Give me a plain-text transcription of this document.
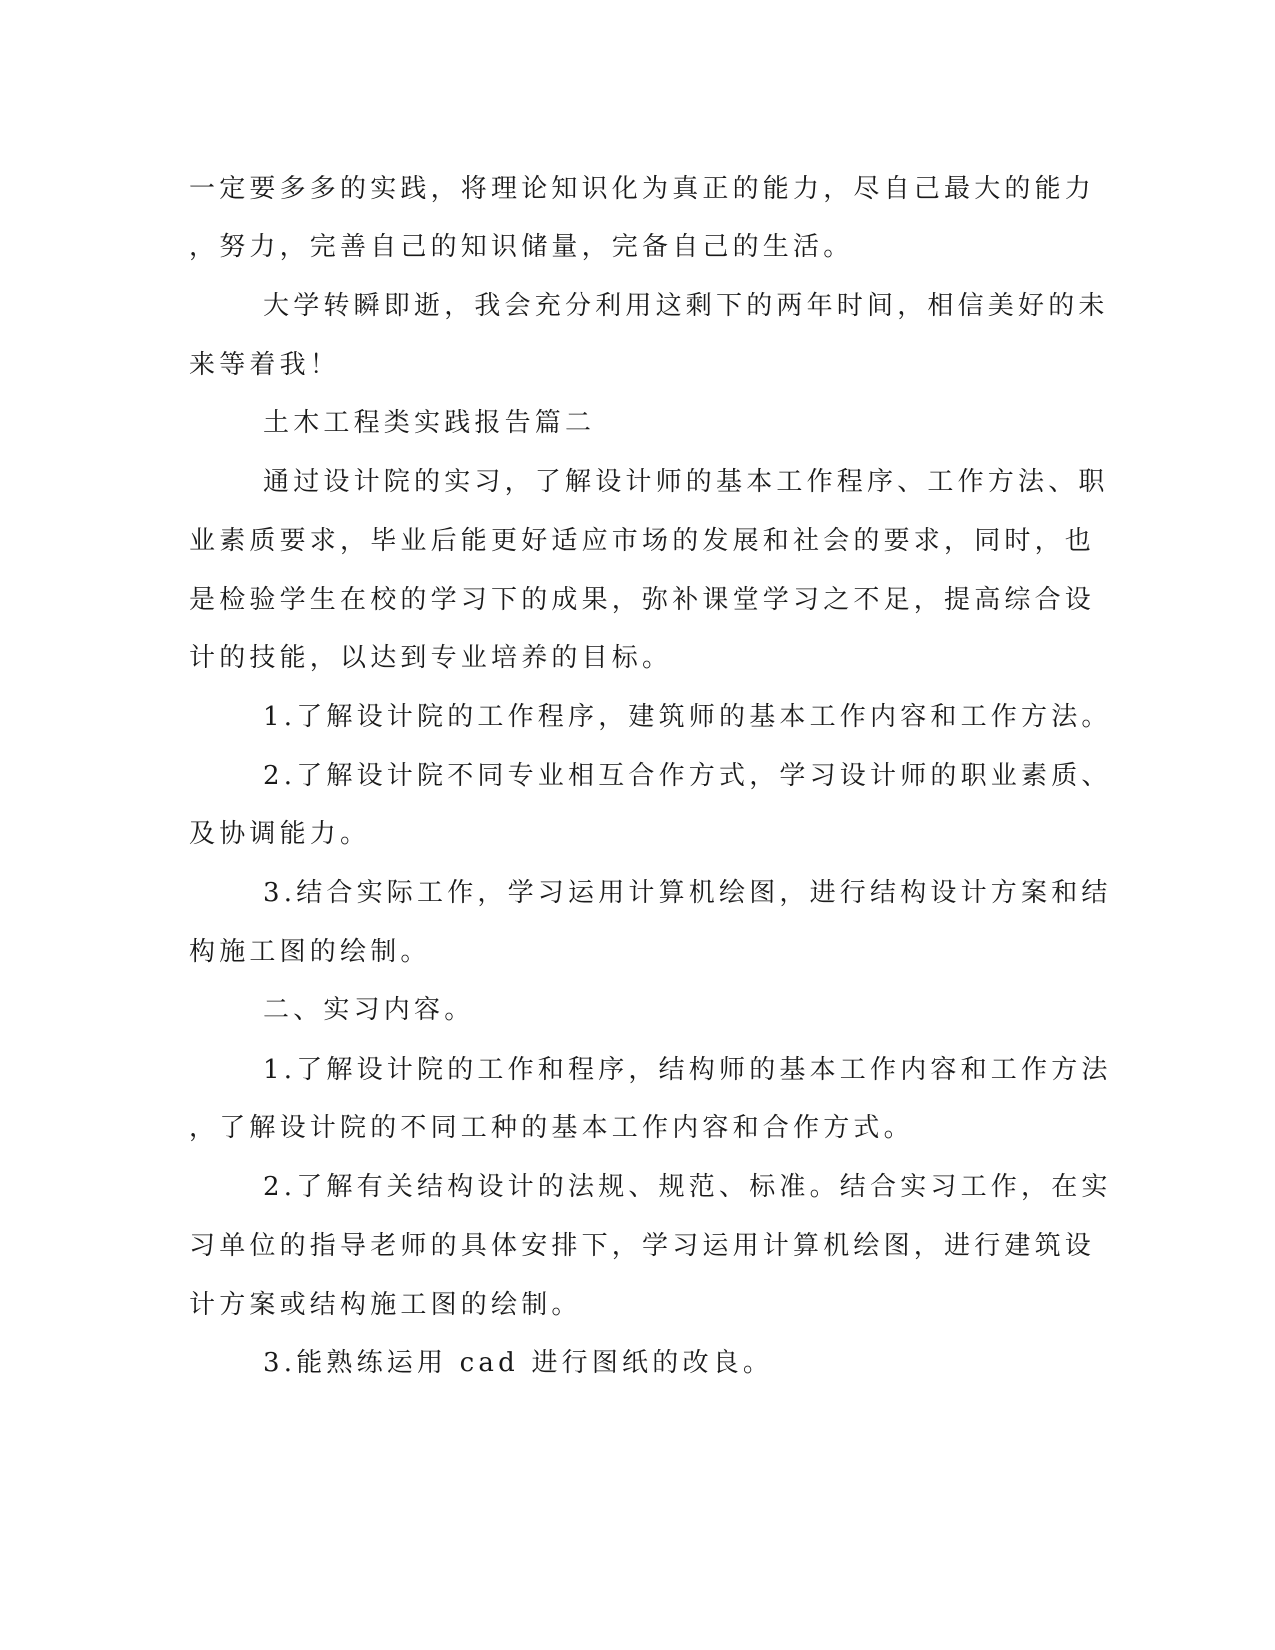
一定要多多的实践，将理论知识化为真正的能力，尽自己最大的能力

，努力，完善自己的知识储量，完备自己的生活。

大学转瞬即逝，我会充分利用这剩下的两年时间，相信美好的未

来等着我！

土木工程类实践报告篇二

通过设计院的实习，了解设计师的基本工作程序、工作方法、职

业素质要求，毕业后能更好适应市场的发展和社会的要求，同时，也

是检验学生在校的学习下的成果，弥补课堂学习之不足，提高综合设

计的技能，以达到专业培养的目标。

1.了解设计院的工作程序，建筑师的基本工作内容和工作方法。

2.了解设计院不同专业相互合作方式，学习设计师的职业素质、

及协调能力。

3.结合实际工作，学习运用计算机绘图，进行结构设计方案和结

构施工图的绘制。

二、实习内容。

1.了解设计院的工作和程序，结构师的基本工作内容和工作方法

，了解设计院的不同工种的基本工作内容和合作方式。

2.了解有关结构设计的法规、规范、标准。结合实习工作，在实

习单位的指导老师的具体安排下，学习运用计算机绘图，进行建筑设

计方案或结构施工图的绘制。

3.能熟练运用 cad 进行图纸的改良。
